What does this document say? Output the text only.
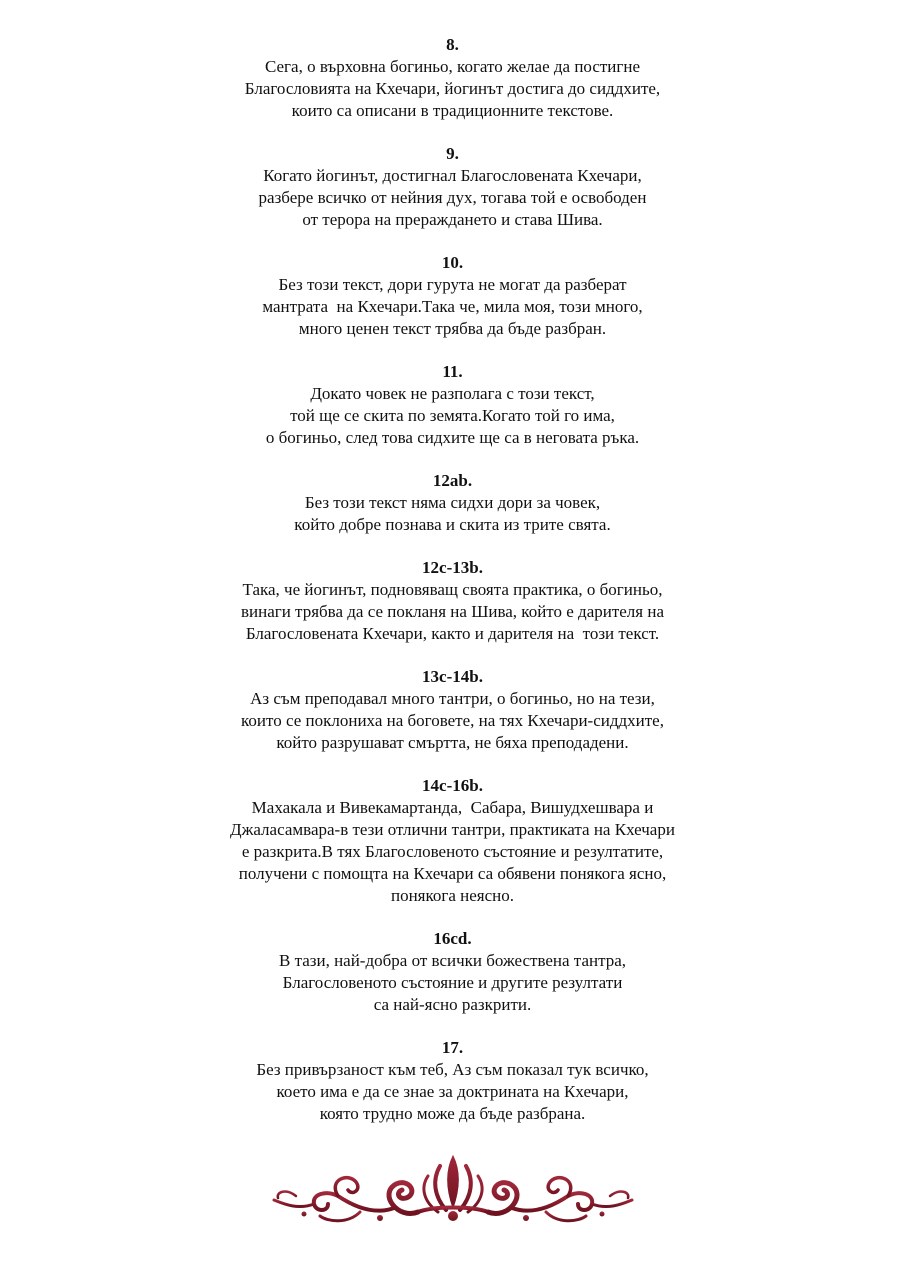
8.
Сега, о върховна богиньо, когато желае да постигне
Благословията на Кхечари, йогинът достига до сиддхите,
които са описани в традиционните текстове.
9.
Когато йогинът, достигнал Благословената Кхечари,
разбере всичко от нейния дух, тогава той е освободен
от терора на прераждането и става Шива.
10.
Без този текст, дори гурута не могат да разберат
мантрата  на Кхечари.Така че, мила моя, този много,
много ценен текст трябва да бъде разбран.
11.
Докато човек не разполага с този текст,
той ще се скита по земята.Когато той го има,
о богиньо, след това сидхите ще са в неговата ръка.
12ab.
Без този текст няма сидхи дори за човек,
който добре познава и скита из трите свята.
12c-13b.
Така, че йогинът, подновяващ своята практика, о богиньо,
винаги трябва да се покланя на Шива, който е дарителя на
Благословената Кхечари, както и дарителя на  този текст.
13c-14b.
Аз съм преподавал много тантри, о богиньо, но на тези,
които се поклониха на боговете, на тях Кхечари-сиддхите,
който разрушават смъртта, не бяха преподадени.
14c-16b.
Махакала и Вивекамартанда,  Сабара, Вишудхешвара и
Джаласамвара-в тези отлични тантри, практиката на Кхечари
е разкрита.В тях Благословеното състояние и резултатите,
получени с помощта на Кхечари са обявени понякога ясно,
понякога неясно.
16cd.
В тази, най-добра от всички божествена тантра,
Благословеното състояние и другите резултати
са най-ясно разкрити.
17.
Без привързаност към теб, Аз съм показал тук всичко,
което има е да се знае за доктрината на Кхечари,
която трудно може да бъде разбрана.
